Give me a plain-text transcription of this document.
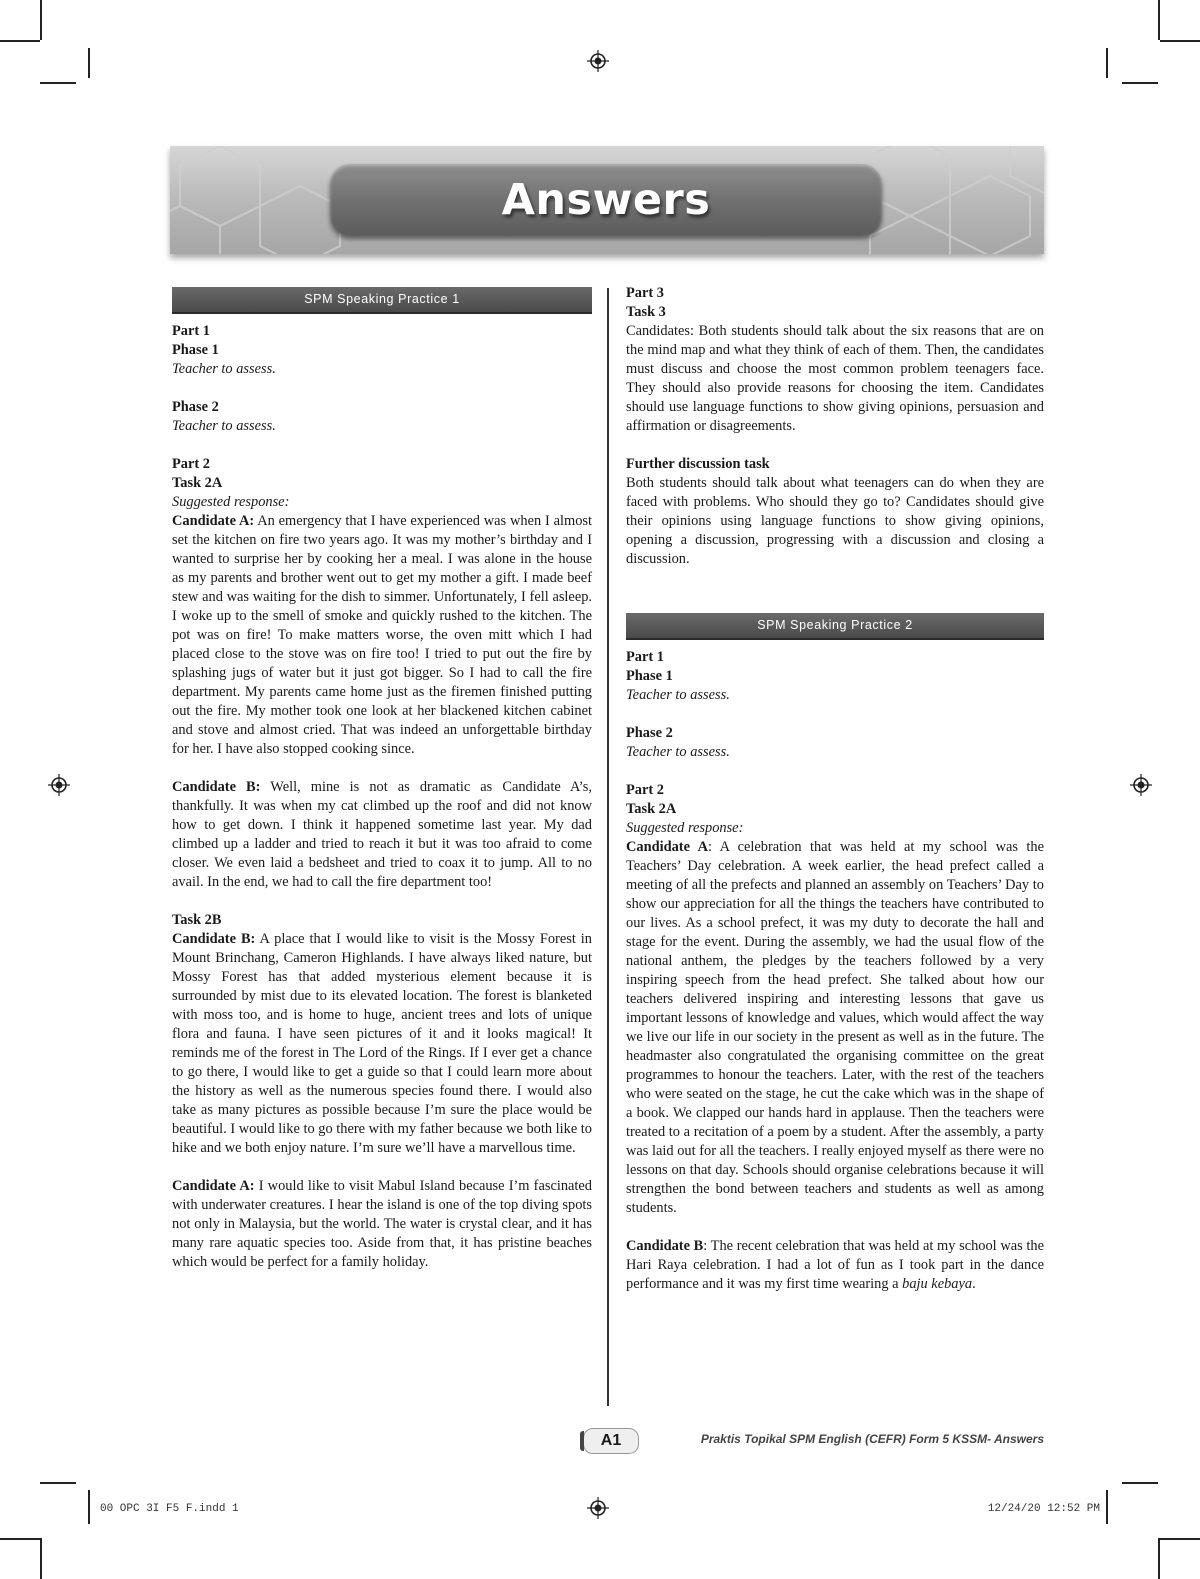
Answers
SPM Speaking Practice 1

Part 1

Phase 1

Teacher to assess.

Phase 2

Teacher to assess.

Part 2

Task 2A

Suggested response:

Candidate A: An emergency that I have experienced was when I almost set the kitchen on fire two years ago. It was my mother’s birthday and I wanted to surprise her by cooking her a meal. I was alone in the house as my parents and brother went out to get my mother a gift. I made beef stew and was waiting for the dish to simmer. Unfortunately, I fell asleep. I woke up to the smell of smoke and quickly rushed to the kitchen. The pot was on fire! To make matters worse, the oven mitt which I had placed close to the stove was on fire too! I tried to put out the fire by splashing jugs of water but it just got bigger. So I had to call the fire department. My parents came home just as the firemen finished putting out the fire. My mother took one look at her blackened kitchen cabinet and stove and almost cried. That was indeed an unforgettable birthday for her. I have also stopped cooking since.

Candidate B: Well, mine is not as dramatic as Candidate A’s, thankfully. It was when my cat climbed up the roof and did not know how to get down. I think it happened sometime last year. My dad climbed up a ladder and tried to reach it but it was too afraid to come closer. We even laid a bedsheet and tried to coax it to jump. All to no avail. In the end, we had to call the fire department too!

Task 2B

Candidate B: A place that I would like to visit is the Mossy Forest in Mount Brinchang, Cameron Highlands. I have always liked nature, but Mossy Forest has that added mysterious element because it is surrounded by mist due to its elevated location. The forest is blanketed with moss too, and is home to huge, ancient trees and lots of unique flora and fauna. I have seen pictures of it and it looks magical! It reminds me of the forest in The Lord of the Rings. If I ever get a chance to go there, I would like to get a guide so that I could learn more about the history as well as the numerous species found there. I would also take as many pictures as possible because I’m sure the place would be beautiful. I would like to go there with my father because we both like to hike and we both enjoy nature. I’m sure we’ll have a marvellous time.

Candidate A: I would like to visit Mabul Island because I’m fascinated with underwater creatures. I hear the island is one of the top diving spots not only in Malaysia, but the world. The water is crystal clear, and it has many rare aquatic species too. Aside from that, it has pristine beaches which would be perfect for a family holiday.

Part 3

Task 3

Candidates: Both students should talk about the six reasons that are on the mind map and what they think of each of them. Then, the candidates must discuss and choose the most common problem teenagers face. They should also provide reasons for choosing the item. Candidates should use language functions to show giving opinions, persuasion and affirmation or disagreements.

Further discussion task

Both students should talk about what teenagers can do when they are faced with problems. Who should they go to? Candidates should give their opinions using language functions to show giving opinions, opening a discussion, progressing with a discussion and closing a discussion.

SPM Speaking Practice 2

Part 1

Phase 1

Teacher to assess.

Phase 2

Teacher to assess.

Part 2

Task 2A

Suggested response:

Candidate A: A celebration that was held at my school was the Teachers’ Day celebration. A week earlier, the head prefect called a meeting of all the prefects and planned an assembly on Teachers’ Day to show our appreciation for all the things the teachers have contributed to our lives. As a school prefect, it was my duty to decorate the hall and stage for the event. During the assembly, we had the usual flow of the national anthem, the pledges by the teachers followed by a very inspiring speech from the head prefect. She talked about how our teachers delivered inspiring and interesting lessons that gave us important lessons of knowledge and values, which would affect the way we live our life in our society in the present as well as in the future. The headmaster also congratulated the organising committee on the great programmes to honour the teachers. Later, with the rest of the teachers who were seated on the stage, he cut the cake which was in the shape of a book. We clapped our hands hard in applause. Then the teachers were treated to a recitation of a poem by a student. After the assembly, a party was laid out for all the teachers. I really enjoyed myself as there were no lessons on that day. Schools should organise celebrations because it will strengthen the bond between teachers and students as well as among students.

Candidate B: The recent celebration that was held at my school was the Hari Raya celebration. I had a lot of fun as I took part in the dance performance and it was my first time wearing a baju kebaya.

A1	Praktis Topikal SPM English (CEFR) Form 5 KSSM- Answers
00 OPC 3I F5 F.indd 1	12/24/20 12:52 PM
